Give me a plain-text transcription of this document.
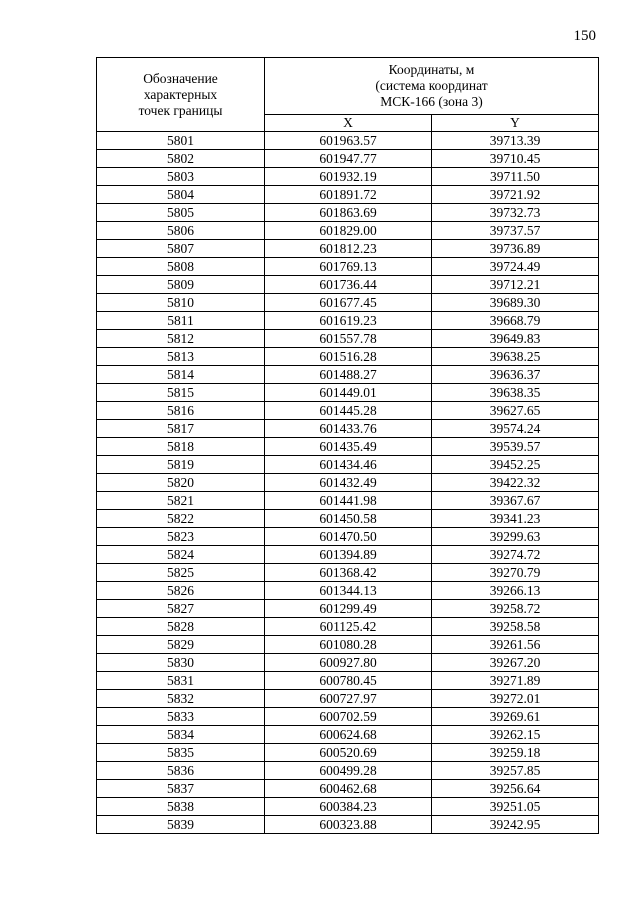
150
Обозначение
характерных
точек границы	Координаты, м
(система координат
МСК-166 (зона 3)	
	X	Y
5801	601963.57	39713.39
5802	601947.77	39710.45
5803	601932.19	39711.50
5804	601891.72	39721.92
5805	601863.69	39732.73
5806	601829.00	39737.57
5807	601812.23	39736.89
5808	601769.13	39724.49
5809	601736.44	39712.21
5810	601677.45	39689.30
5811	601619.23	39668.79
5812	601557.78	39649.83
5813	601516.28	39638.25
5814	601488.27	39636.37
5815	601449.01	39638.35
5816	601445.28	39627.65
5817	601433.76	39574.24
5818	601435.49	39539.57
5819	601434.46	39452.25
5820	601432.49	39422.32
5821	601441.98	39367.67
5822	601450.58	39341.23
5823	601470.50	39299.63
5824	601394.89	39274.72
5825	601368.42	39270.79
5826	601344.13	39266.13
5827	601299.49	39258.72
5828	601125.42	39258.58
5829	601080.28	39261.56
5830	600927.80	39267.20
5831	600780.45	39271.89
5832	600727.97	39272.01
5833	600702.59	39269.61
5834	600624.68	39262.15
5835	600520.69	39259.18
5836	600499.28	39257.85
5837	600462.68	39256.64
5838	600384.23	39251.05
5839	600323.88	39242.95
